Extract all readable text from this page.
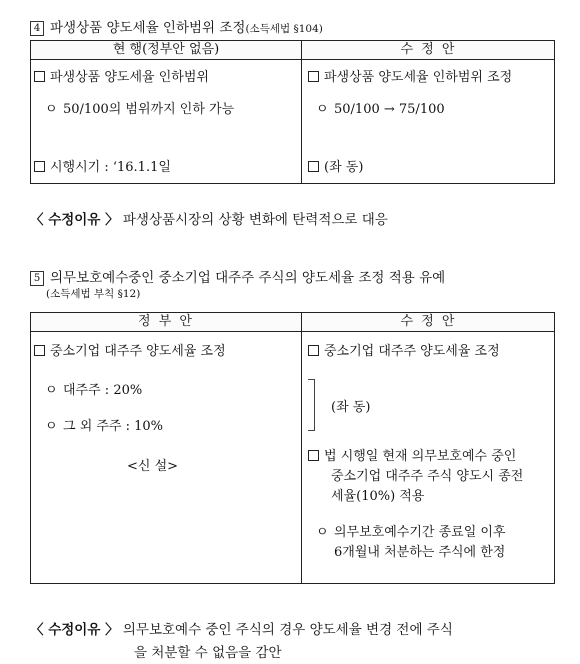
4 파생상품 양도세율 인하범위 조정(소득세법 §104)
현 행(정부안 없음)	수 정 안
파생상품 양도세율 인하범위
ㅇ 50/100의 범위까지 인하 가능
시행시기 : ‘16.1.1일
파생상품 양도세율 인하범위 조정
ㅇ 50/100 → 75/100
(좌 동)
〈 수정이유 〉 파생상품시장의 상황 변화에 탄력적으로 대응
5 의무보호예수중인 중소기업 대주주 주식의 양도세율 조정 적용 유예
(소득세법 부칙 §12)
정 부 안	수 정 안
중소기업 대주주 양도세율 조정
ㅇ 대주주 : 20%
ㅇ 그 외 주주 : 10%
<신 설>
중소기업 대주주 양도세율 조정
(좌 동)
법 시행일 현재 의무보호예수 중인
중소기업 대주주 주식 양도시 종전
세율(10%) 적용
ㅇ 의무보호예수기간 종료일 이후
6개월내 처분하는 주식에 한정
〈 수정이유 〉 의무보호예수 중인 주식의 경우 양도세율 변경 전에 주식
을 처분할 수 없음을 감안
